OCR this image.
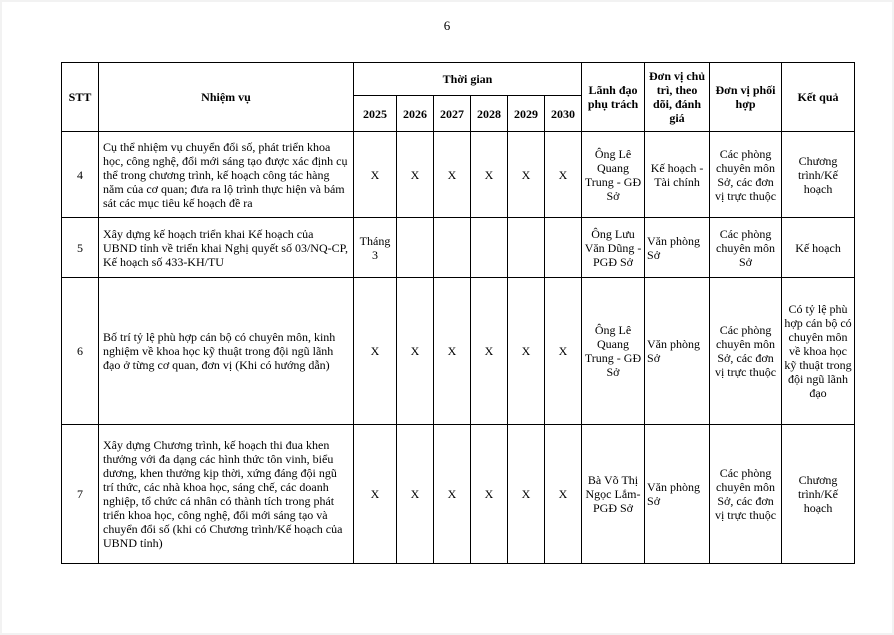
6
STT	Nhiệm vụ	Thời gian						Lãnh đạo phụ trách	Đơn vị chủ trì, theo dõi, đánh giá	Đơn vị phối hợp	Kết quả
		2025	2026	2027	2028	2029	2030				
4	Cụ thể nhiệm vụ chuyển đổi số, phát triển khoa học, công nghệ, đổi mới sáng tạo được xác định cụ thể trong chương trình, kế hoạch công tác hàng năm của cơ quan; đưa ra lộ trình thực hiện và bám sát các mục tiêu kế hoạch đề ra	X	X	X	X	X	X	Ông Lê Quang Trung - GĐ Sở	Kế hoạch - Tài chính	Các phòng chuyên môn Sở, các đơn vị trực thuộc	Chương trình/Kế hoạch
5	Xây dựng kế hoạch triển khai Kế hoạch của UBND tỉnh về triển khai Nghị quyết số 03/NQ-CP, Kế hoạch số 433-KH/TU	Tháng 3						Ông Lưu Văn Dũng - PGĐ Sở	Văn phòng Sở	Các phòng chuyên môn Sở	Kế hoạch
6	Bố trí tỷ lệ phù hợp cán bộ có chuyên môn, kinh nghiệm về khoa học kỹ thuật trong đội ngũ lãnh đạo ở từng cơ quan, đơn vị (Khi có hướng dẫn)	X	X	X	X	X	X	Ông Lê Quang Trung - GĐ Sở	Văn phòng Sở	Các phòng chuyên môn Sở, các đơn vị trực thuộc	Có tỷ lệ phù hợp cán bộ có chuyên môn về khoa học kỹ thuật trong đội ngũ lãnh đạo
7	Xây dựng Chương trình, kế hoạch thi đua khen thưởng với đa dạng các hình thức tôn vinh, biểu dương, khen thưởng kịp thời, xứng đáng đội ngũ trí thức, các nhà khoa học, sáng chế, các doanh nghiệp, tổ chức cá nhân có thành tích trong phát triển khoa học, công nghệ, đổi mới sáng tạo và chuyển đổi số (khi có Chương trình/Kế hoạch của UBND tỉnh)	X	X	X	X	X	X	Bà Võ Thị Ngọc Lắm- PGĐ Sở	Văn phòng Sở	Các phòng chuyên môn Sở, các đơn vị trực thuộc	Chương trình/Kế hoạch
